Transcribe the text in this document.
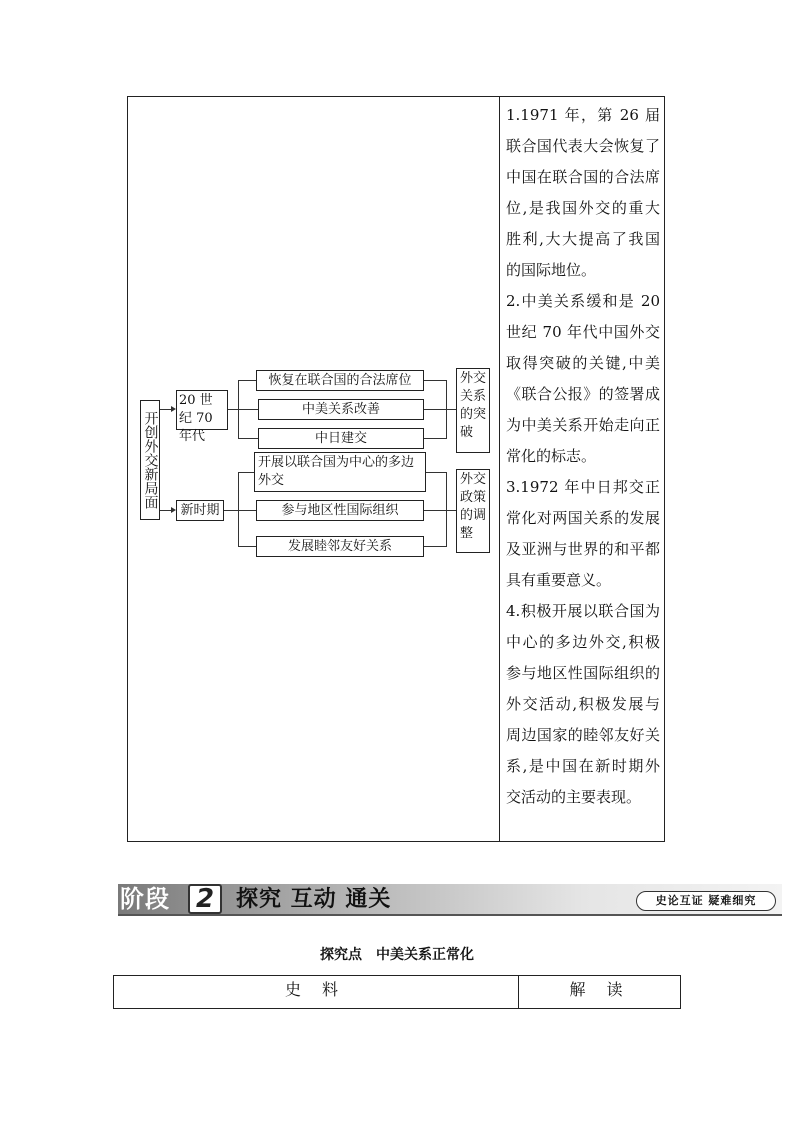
开创外交新局面
20 世纪 70 年代
恢复在联合国的合法席位
中美关系改善
中日建交
外交关系的突破
新时期
开展以联合国为中心的多边外交
参与地区性国际组织
发展睦邻友好关系
外交政策的调整

1.1971 年，第 26 届联合国代表大会恢复了中国在联合国的合法席位,是我国外交的重大胜利,大大提高了我国的国际地位。

2.中美关系缓和是 20 世纪 70 年代中国外交取得突破的关键,中美《联合公报》的签署成为中美关系开始走向正常化的标志。

3.1972 年中日邦交正常化对两国关系的发展及亚洲与世界的和平都具有重要意义。

4.积极开展以联合国为中心的多边外交,积极参与地区性国际组织的外交活动,积极发展与周边国家的睦邻友好关系,是中国在新时期外交活动的主要表现。

阶段 2 探究 互动 通关	史论互证 疑难细究
探究点　中美关系正常化
史 料	解 读
